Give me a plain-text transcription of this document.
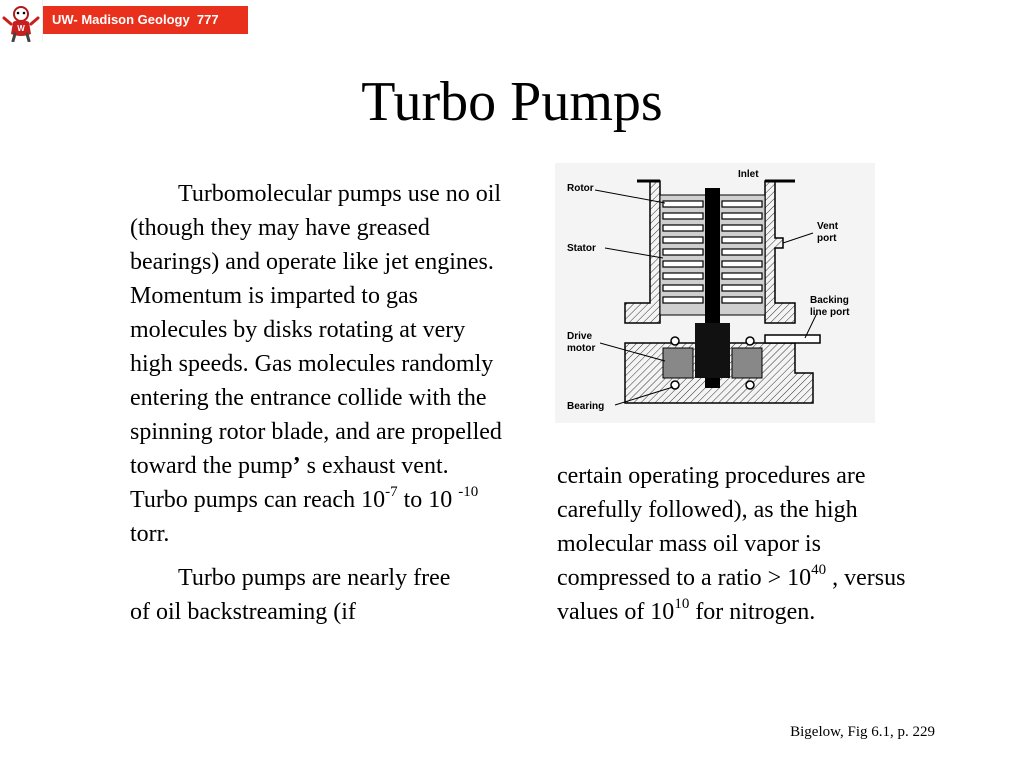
W
UW- Madison Geology  777
Turbo Pumps

Turbomolecular pumps use no oil (though they may have greased bearings) and operate like jet engines. Momentum is imparted to gas molecules by disks rotating at very high speeds. Gas molecules randomly entering the entrance collide with the spinning rotor blade, and are propelled toward the pump’ s exhaust vent. Turbo pumps can reach $10^{-7}$ to 10 $^{-10}$ torr.

Turbo pumps are nearly free of oil backstreaming (if

certain operating procedures are carefully followed), as the high molecular mass oil vapor is compressed to a ratio > $10^{40}$ , versus values of $10^{10}$ for nitrogen.

Rotor
Inlet
Vent
port
Stator
Backing
line port
Drive
motor
Bearing
Bigelow, Fig 6.1, p. 229
